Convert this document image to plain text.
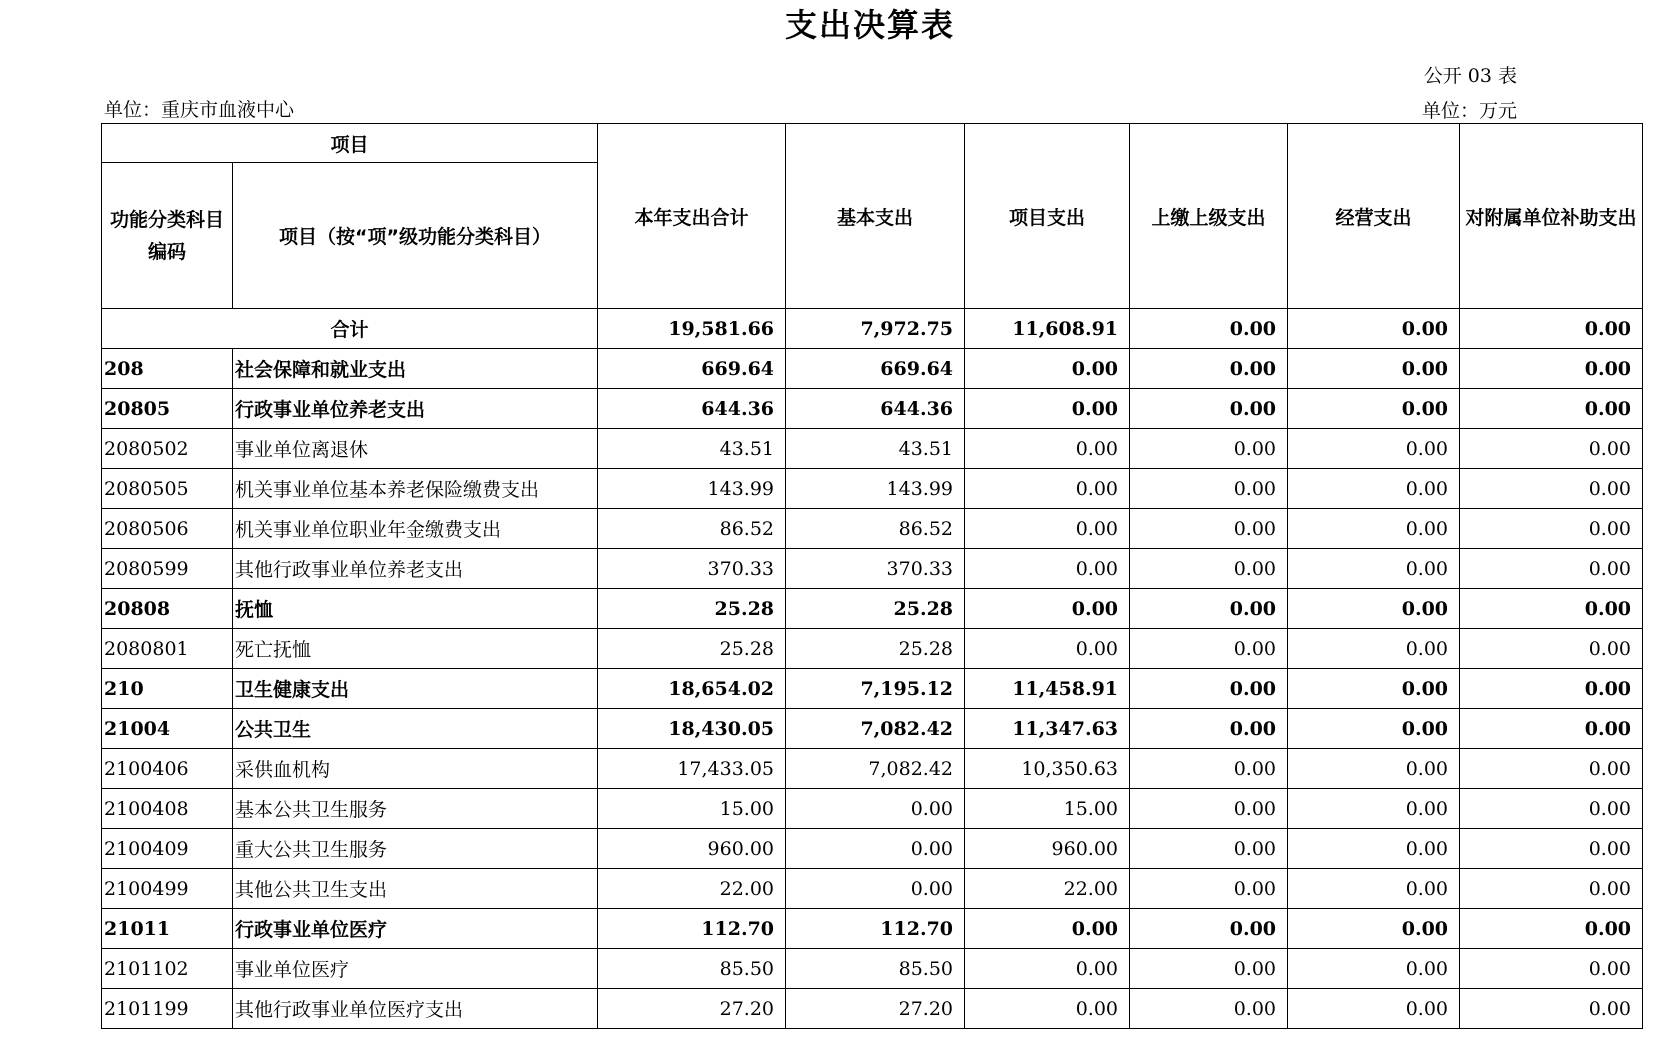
支出决算表
公开 03 表
单位：重庆市血液中心	单位：万元
项目		本年支出合计	基本支出	项目支出	上缴上级支出	经营支出	对附属单位补助支出

功能分类科目
编码	项目（按“项”级功能分类科目）						
合计		19,581.66	7,972.75	11,608.91	0.00	0.00	0.00
208	社会保障和就业支出	669.64	669.64	0.00	0.00	0.00	0.00
20805	行政事业单位养老支出	644.36	644.36	0.00	0.00	0.00	0.00
2080502	事业单位离退休	43.51	43.51	0.00	0.00	0.00	0.00
2080505	机关事业单位基本养老保险缴费支出	143.99	143.99	0.00	0.00	0.00	0.00
2080506	机关事业单位职业年金缴费支出	86.52	86.52	0.00	0.00	0.00	0.00
2080599	其他行政事业单位养老支出	370.33	370.33	0.00	0.00	0.00	0.00
20808	抚恤	25.28	25.28	0.00	0.00	0.00	0.00
2080801	死亡抚恤	25.28	25.28	0.00	0.00	0.00	0.00
210	卫生健康支出	18,654.02	7,195.12	11,458.91	0.00	0.00	0.00
21004	公共卫生	18,430.05	7,082.42	11,347.63	0.00	0.00	0.00
2100406	采供血机构	17,433.05	7,082.42	10,350.63	0.00	0.00	0.00
2100408	基本公共卫生服务	15.00	0.00	15.00	0.00	0.00	0.00
2100409	重大公共卫生服务	960.00	0.00	960.00	0.00	0.00	0.00
2100499	其他公共卫生支出	22.00	0.00	22.00	0.00	0.00	0.00
21011	行政事业单位医疗	112.70	112.70	0.00	0.00	0.00	0.00
2101102	事业单位医疗	85.50	85.50	0.00	0.00	0.00	0.00
2101199	其他行政事业单位医疗支出	27.20	27.20	0.00	0.00	0.00	0.00
